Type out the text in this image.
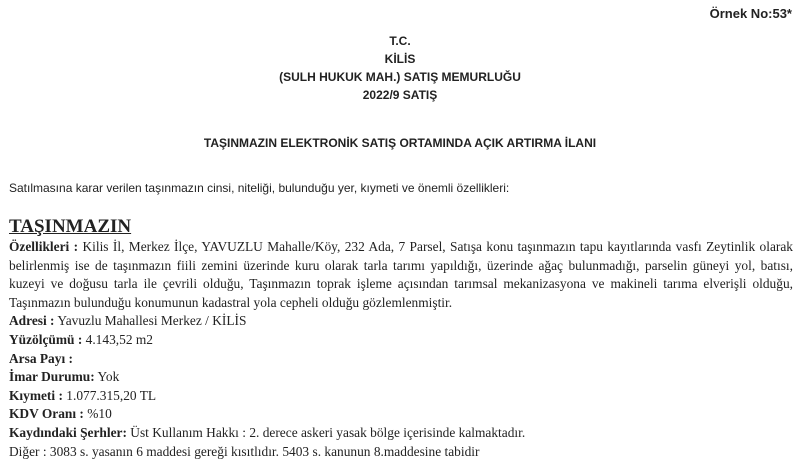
Örnek No:53*
T.C.
KİLİS
(SULH HUKUK MAH.) SATIŞ MEMURLUĞU
2022/9 SATIŞ
TAŞINMAZIN ELEKTRONİK SATIŞ ORTAMINDA AÇIK ARTIRMA İLANI
Satılmasına karar verilen taşınmazın cinsi, niteliği, bulunduğu yer, kıymeti ve önemli özellikleri:
TAŞINMAZIN

Özellikleri : Kilis İl, Merkez İlçe, YAVUZLU Mahalle/Köy, 232 Ada, 7 Parsel, Satışa konu taşınmazın tapu kayıtlarında vasfı Zeytinlik olarak belirlenmiş ise de taşınmazın fiili zemini üzerinde kuru olarak tarla tarımı yapıldığı, üzerinde ağaç bulunmadığı, parselin güneyi yol, batısı, kuzeyi ve doğusu tarla ile çevrili olduğu, Taşınmazın toprak işleme açısından tarımsal mekanizasyona ve makineli tarıma elverişli olduğu, Taşınmazın bulunduğu konumunun kadastral yola cepheli olduğu gözlemlenmiştir.

Adresi : Yavuzlu Mahallesi Merkez / KİLİS

Yüzölçümü : 4.143,52 m2

Arsa Payı :

İmar Durumu: Yok

Kıymeti : 1.077.315,20 TL

KDV Oranı : %10

Kaydındaki Şerhler: Üst Kullanım Hakkı : 2. derece askeri yasak bölge içerisinde kalmaktadır.

Diğer : 3083 s. yasanın 6 maddesi gereği kısıtlıdır. 5403 s. kanunun 8.maddesine tabidir
